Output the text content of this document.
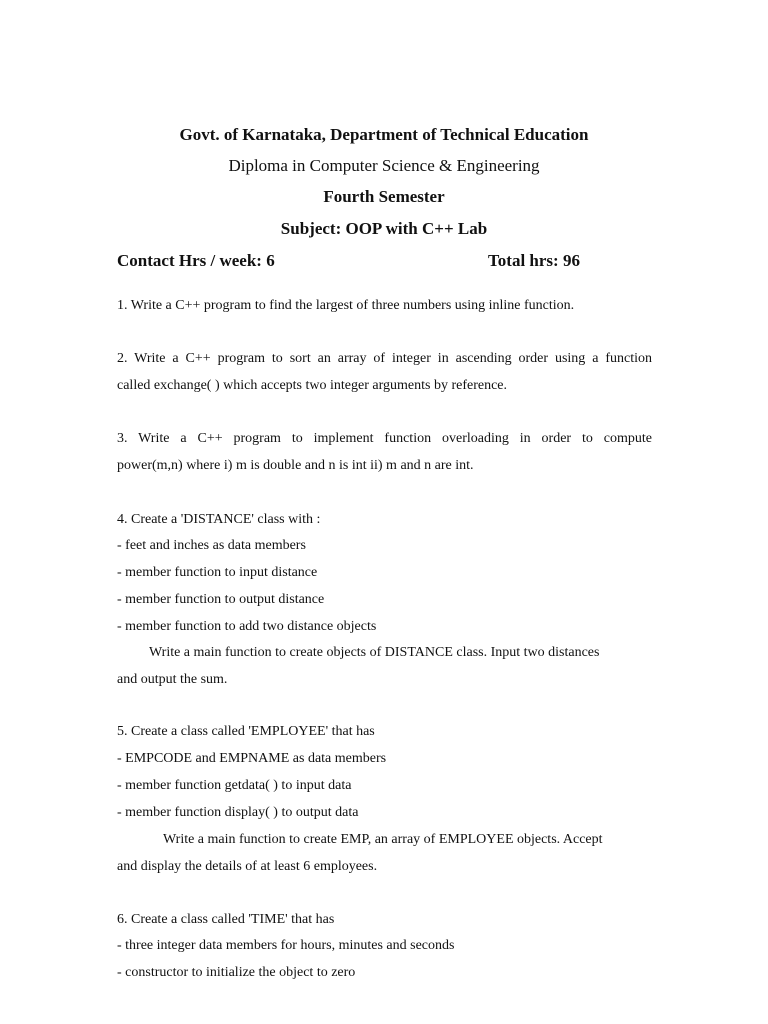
Govt. of Karnataka, Department of Technical Education
Diploma in Computer Science & Engineering
Fourth Semester
Subject: OOP with C++ Lab
Contact Hrs / week: 6	Total hrs: 96
1. Write a C++ program to find the largest of three numbers using inline function.
2. Write a C++ program to sort an array of integer in ascending order using a function
called exchange( ) which accepts two integer arguments by reference.
3. Write a C++ program to implement function overloading in order to compute
power(m,n) where i) m is double and n is int ii) m and n are int.
4. Create a 'DISTANCE' class with :
- feet and inches as data members
- member function to input distance
- member function to output distance
- member function to add two distance objects
Write a main function to create objects of DISTANCE class. Input two distances
and output the sum.
5. Create a class called 'EMPLOYEE' that has
- EMPCODE and EMPNAME as data members
- member function getdata( ) to input data
- member function display( ) to output data
Write a main function to create EMP, an array of EMPLOYEE objects. Accept
and display the details of at least 6 employees.
6. Create a class called 'TIME' that has
- three integer data members for hours, minutes and seconds
- constructor to initialize the object to zero
